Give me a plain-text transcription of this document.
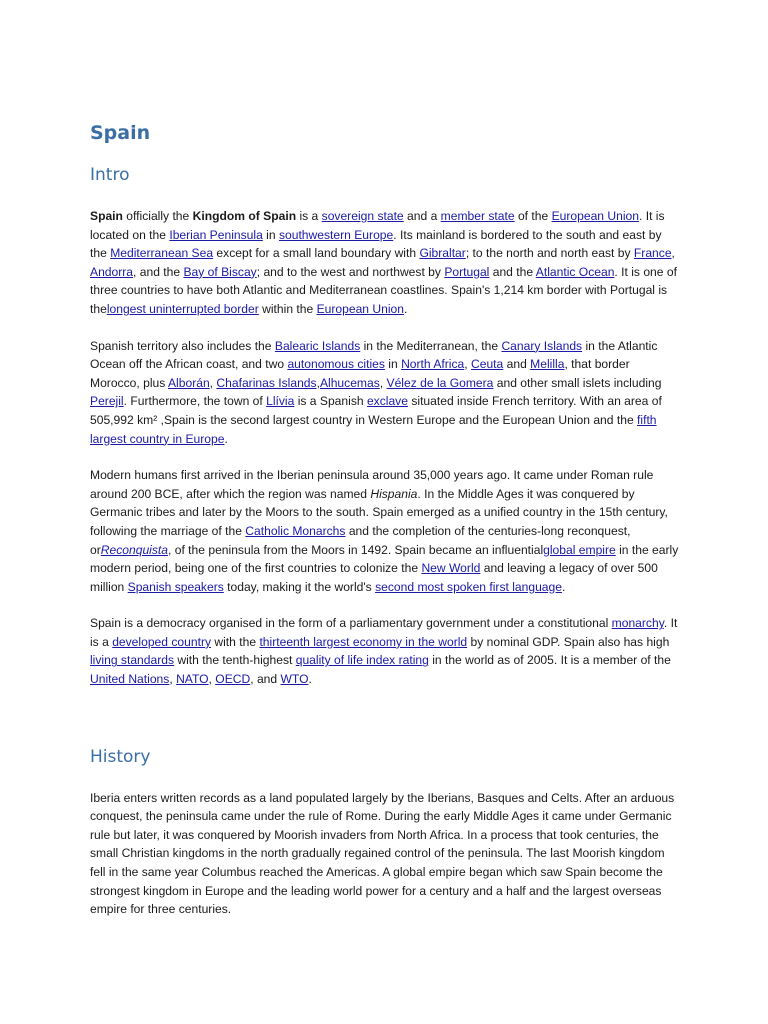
Spain
Intro

Spain officially the Kingdom of Spain is a sovereign state and a member state of the European Union. It is located on the Iberian Peninsula in southwestern Europe. Its mainland is bordered to the south and east by the Mediterranean Sea except for a small land boundary with Gibraltar; to the north and north east by France, Andorra, and the Bay of Biscay; and to the west and northwest by Portugal and the Atlantic Ocean. It is one of three countries to have both Atlantic and Mediterranean coastlines. Spain's 1,214 km border with Portugal is thelongest uninterrupted border within the European Union.

Spanish territory also includes the Balearic Islands in the Mediterranean, the Canary Islands in the Atlantic Ocean off the African coast, and two autonomous cities in North Africa, Ceuta and Melilla, that border Morocco, plus Alborán, Chafarinas Islands,Alhucemas, Vélez de la Gomera and other small islets including Perejil. Furthermore, the town of Llívia is a Spanish exclave situated inside French territory. With an area of 505,992 km² ,Spain is the second largest country in Western Europe and the European Union and the fifth largest country in Europe.

Modern humans first arrived in the Iberian peninsula around 35,000 years ago. It came under Roman rule around 200 BCE, after which the region was named Hispania. In the Middle Ages it was conquered by Germanic tribes and later by the Moors to the south. Spain emerged as a unified country in the 15th century, following the marriage of the Catholic Monarchs and the completion of the centuries-long reconquest, orReconquista, of the peninsula from the Moors in 1492. Spain became an influentialglobal empire in the early modern period, being one of the first countries to colonize the New World and leaving a legacy of over 500 million Spanish speakers today, making it the world's second most spoken first language.

Spain is a democracy organised in the form of a parliamentary government under a constitutional monarchy. It is a developed country with the thirteenth largest economy in the world by nominal GDP. Spain also has high living standards with the tenth-highest quality of life index rating in the world as of 2005. It is a member of the United Nations, NATO, OECD, and WTO.

History

Iberia enters written records as a land populated largely by the Iberians, Basques and Celts. After an arduous conquest, the peninsula came under the rule of Rome. During the early Middle Ages it came under Germanic rule but later, it was conquered by Moorish invaders from North Africa. In a process that took centuries, the small Christian kingdoms in the north gradually regained control of the peninsula. The last Moorish kingdom fell in the same year Columbus reached the Americas. A global empire began which saw Spain become the strongest kingdom in Europe and the leading world power for a century and a half and the largest overseas empire for three centuries.
